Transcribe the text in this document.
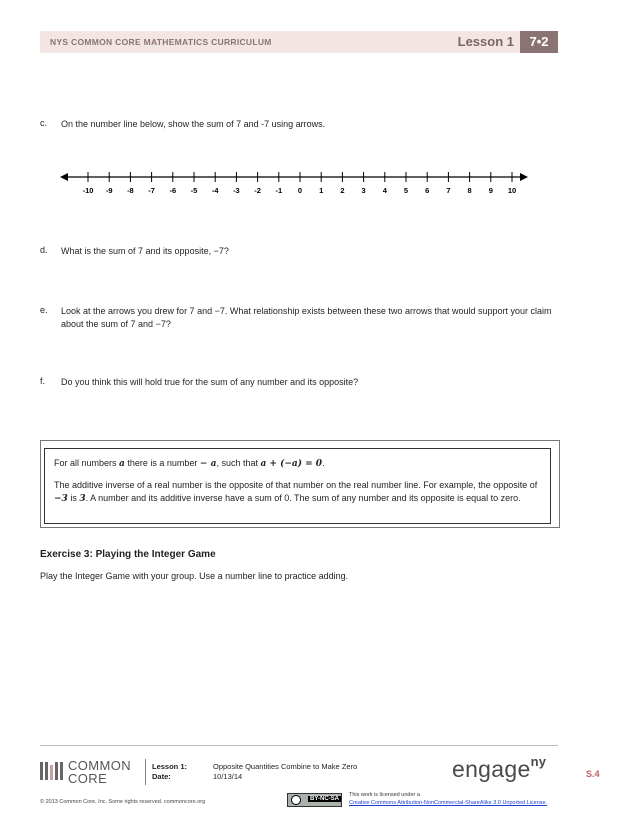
NYS COMMON CORE MATHEMATICS CURRICULUM	Lesson 1	7•2
c. On the number line below, show the sum of 7 and -7 using arrows.
-10 -9 -8 -7 -6 -5 -4 -3 -2 -1 0 1 2 3 4 5 6 7 8 9 10
d. What is the sum of 7 and its opposite, −7?
e. Look at the arrows you drew for 7 and −7. What relationship exists between these two arrows that would support your claim about the sum of 7 and −7?
f. Do you think this will hold true for the sum of any number and its opposite?
For all numbers a there is a number − a, such that a + (−a) = 0.
The additive inverse of a real number is the opposite of that number on the real number line. For example, the opposite of −3 is 3. A number and its additive inverse have a sum of 0. The sum of any number and its opposite is equal to zero.
Exercise 3: Playing the Integer Game
Play the Integer Game with your group. Use a number line to practice adding.
COMMON
CORE
Lesson 1:	Opposite Quantities Combine to Make Zero
Date:	10/13/14	engage$^{ny}$
S.4
© 2013 Common Core, Inc. Some rights reserved. commoncore.org	BY-NC-SA
This work is licensed under a
Creative Commons Attribution-NonCommercial-ShareAlike 3.0 Unported License.
